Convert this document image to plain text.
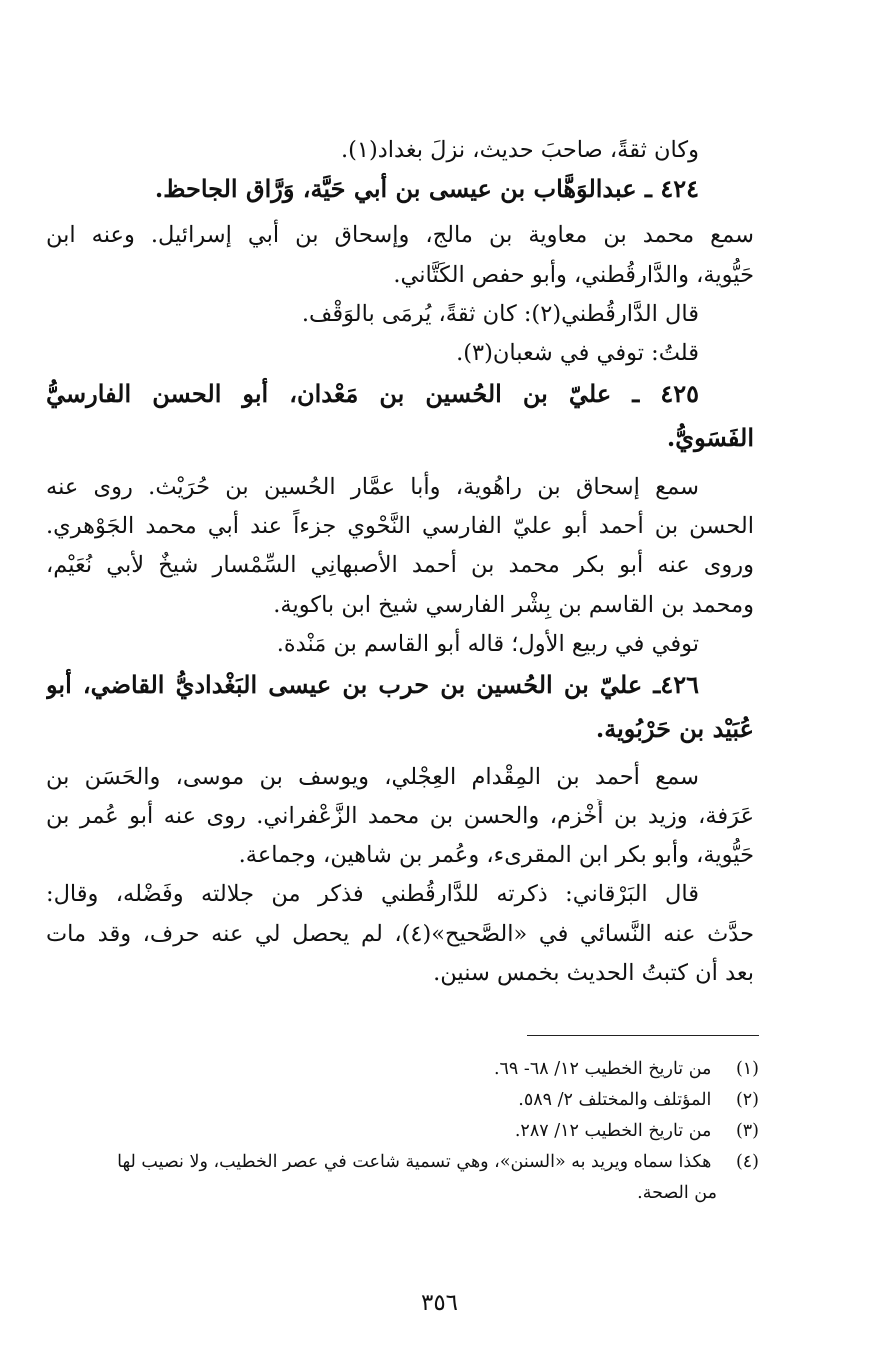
وكان ثقةً، صاحبَ حديث، نزلَ بغداد(١).
٤٢٤ ـ عبدالوَهَّاب بن عيسى بن أبي حَيَّة، وَرَّاق الجاحظ.
سمع محمد بن معاوية بن مالج، وإسحاق بن أبي إسرائيل. وعنه ابن
حَيُّوية، والدَّارقُطني، وأبو حفص الكَتَّاني.
قال الدَّارقُطني(٢): كان ثقةً، يُرمَى بالوَقْف.
قلتُ: توفي في شعبان(٣).
٤٢٥ ـ عليّ بن الحُسين بن مَعْدان، أبو الحسن الفارسيُّ
الفَسَويُّ.
سمع إسحاق بن راهُوية، وأبا عمَّار الحُسين بن حُرَيْث. روى عنه
الحسن بن أحمد أبو عليّ الفارسي النَّحْوي جزءاً عند أبي محمد الجَوْهري.
وروى عنه أبو بكر محمد بن أحمد الأصبهانِي السِّمْسار شيخٌ لأبي نُعَيْم،
ومحمد بن القاسم بن بِشْر الفارسي شيخ ابن باكوية.
توفي في ربيع الأول؛ قاله أبو القاسم بن مَنْدة.
٤٢٦ـ عليّ بن الحُسين بن حرب بن عيسى البَغْداديُّ القاضي، أبو
عُبَيْد بن حَرْبُوية.
سمع أحمد بن المِقْدام العِجْلي، ويوسف بن موسى، والحَسَن بن
عَرَفة، وزيد بن أَخْزم، والحسن بن محمد الزَّعْفراني. روى عنه أبو عُمر بن
حَيُّوية، وأبو بكر ابن المقرىء، وعُمر بن شاهين، وجماعة.
قال البَرْقاني: ذكرته للدَّارقُطني فذكر من جلالته وفَضْله، وقال:
حدَّث عنه النَّسائي في «الصَّحيح»(٤)، لم يحصل لي عنه حرف، وقد مات
بعد أن كتبتُ الحديث بخمس سنين.
(١) من تاريخ الخطيب ١٢/ ٦٨- ٦٩.
(٢) المؤتلف والمختلف ٢/ ٥٨٩.
(٣) من تاريخ الخطيب ١٢/ ٢٨٧.
(٤) هكذا سماه ويريد به «السنن»، وهي تسمية شاعت في عصر الخطيب، ولا نصيب لها
من الصحة.
٣٥٦
